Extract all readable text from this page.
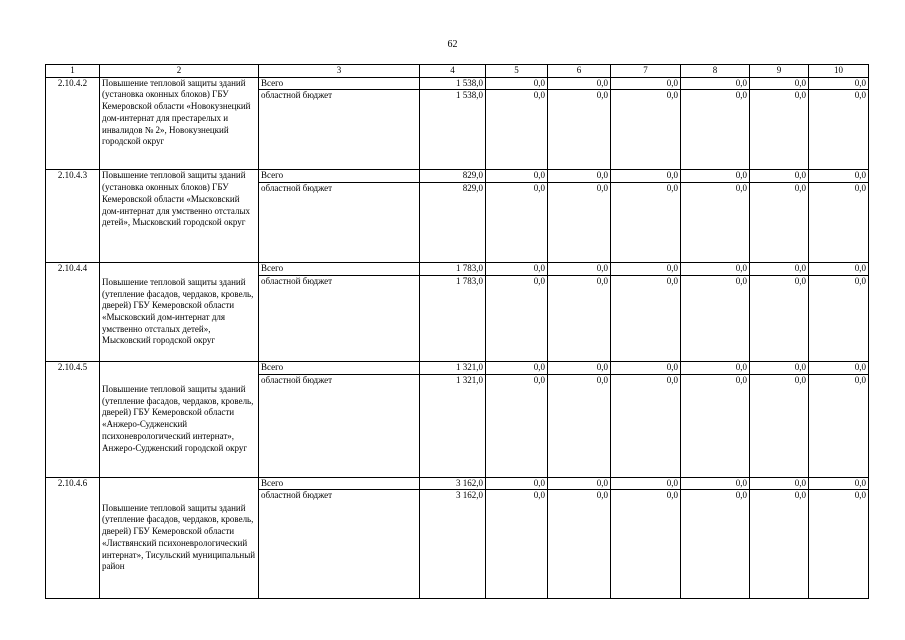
62
1	2	3	4	5	6	7	8	9	10
2.10.4.2	Повышение тепловой защиты зданий (установка оконных блоков) ГБУ Кемеровской области «Новокузнецкий дом-интернат для престарелых и инвалидов № 2», Новокузнецкий городской округ	Всего	1 538,0	0,0	0,0	0,0	0,0	0,0	0,0
		областной бюджет	1 538,0	0,0	0,0	0,0	0,0	0,0	0,0
2.10.4.3	Повышение тепловой защиты зданий (установка оконных блоков) ГБУ Кемеровской области «Мысковский дом-интернат для умственно отсталых детей», Мысковский городской округ	Всего	829,0	0,0	0,0	0,0	0,0	0,0	0,0
		областной бюджет	829,0	0,0	0,0	0,0	0,0	0,0	0,0
2.10.4.4	Повышение тепловой защиты зданий (утепление фасадов, чердаков, кровель, дверей) ГБУ Кемеровской области «Мысковский дом-интернат для умственно отсталых детей», Мысковский городской округ	Всего	1 783,0	0,0	0,0	0,0	0,0	0,0	0,0
		областной бюджет	1 783,0	0,0	0,0	0,0	0,0	0,0	0,0
2.10.4.5	Повышение тепловой защиты зданий (утепление фасадов, чердаков, кровель, дверей) ГБУ Кемеровской области «Анжеро-Судженский психоневрологический интернат», Анжеро-Судженский городской округ	Всего	1 321,0	0,0	0,0	0,0	0,0	0,0	0,0
		областной бюджет	1 321,0	0,0	0,0	0,0	0,0	0,0	0,0
2.10.4.6	Повышение тепловой защиты зданий (утепление фасадов, чердаков, кровель, дверей) ГБУ Кемеровской области «Листвянский психоневрологический интернат», Тисульский муниципальный район	Всего	3 162,0	0,0	0,0	0,0	0,0	0,0	0,0
		областной бюджет	3 162,0	0,0	0,0	0,0	0,0	0,0	0,0
